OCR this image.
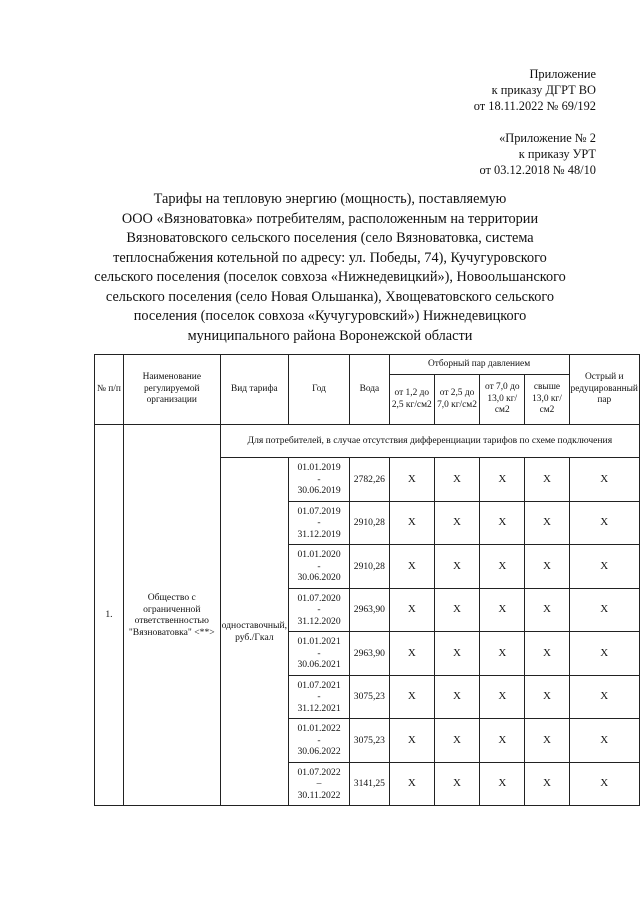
Приложение
к приказу ДГРТ ВО
от 18.11.2022 № 69/192
«Приложение № 2
к приказу УРТ
от 03.12.2018 № 48/10
Тарифы на тепловую энергию (мощность), поставляемую
ООО «Вязноватовка» потребителям, расположенным на территории
Вязноватовского сельского поселения (село Вязноватовка, система
теплоснабжения котельной по адресу: ул. Победы, 74), Кучугуровского
сельского поселения (поселок совхоза «Нижнедевицкий»), Новоольшанского
сельского поселения (село Новая Ольшанка), Хвощеватовского сельского
поселения (поселок совхоза «Кучугуровский») Нижнедевицкого
муниципального района Воронежской области
№ п/п	Наименование регулируемой организации	Вид тарифа	Год	Вода	Отборный пар давлением				Острый и редуцированный пар
					от 1,2 до 2,5 кг/см2	от 2,5 до 7,0 кг/см2	от 7,0 до 13,0 кг/см2	свыше 13,0 кг/см2	
1.	Общество с ограниченной ответственностью "Вязноватовка" <**>	Для потребителей, в случае отсутствия дифференциации тарифов по схеме подключения							
		одноставочный, руб./Гкал							

			01.01.2019
-
30.06.2019	2782,26	Х	Х	Х	Х	Х

			01.07.2019
-
31.12.2019	2910,28	Х	Х	Х	Х	Х

			01.01.2020
-
30.06.2020	2910,28	Х	Х	Х	Х	Х

			01.07.2020
-
31.12.2020	2963,90	Х	Х	Х	Х	Х

			01.01.2021
-
30.06.2021	2963,90	Х	Х	Х	Х	Х

			01.07.2021
-
31.12.2021	3075,23	Х	Х	Х	Х	Х

			01.01.2022
-
30.06.2022	3075,23	Х	Х	Х	Х	Х

			01.07.2022
–
30.11.2022	3141,25	Х	Х	Х	Х	Х
